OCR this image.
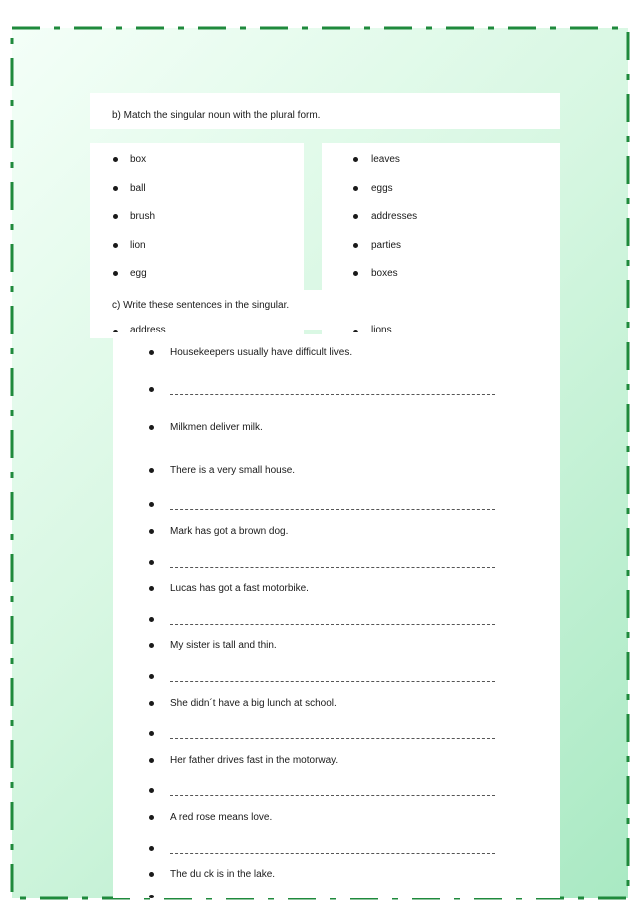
b) Match the singular noun with the plural form.
box
ball
brush
lion
egg
leaves
eggs
addresses
parties
boxes
c) Write these sentences in the singular.
address	lions
Housekeepers usually have difficult lives.
Milkmen deliver milk.
There is a very small house.
Mark has got a brown dog.
Lucas has got a fast motorbike.
My sister is tall and thin.
She didn´t have a big lunch at school.
Her father drives fast in the motorway.
A red rose means love.
The du ck is in the lake.
